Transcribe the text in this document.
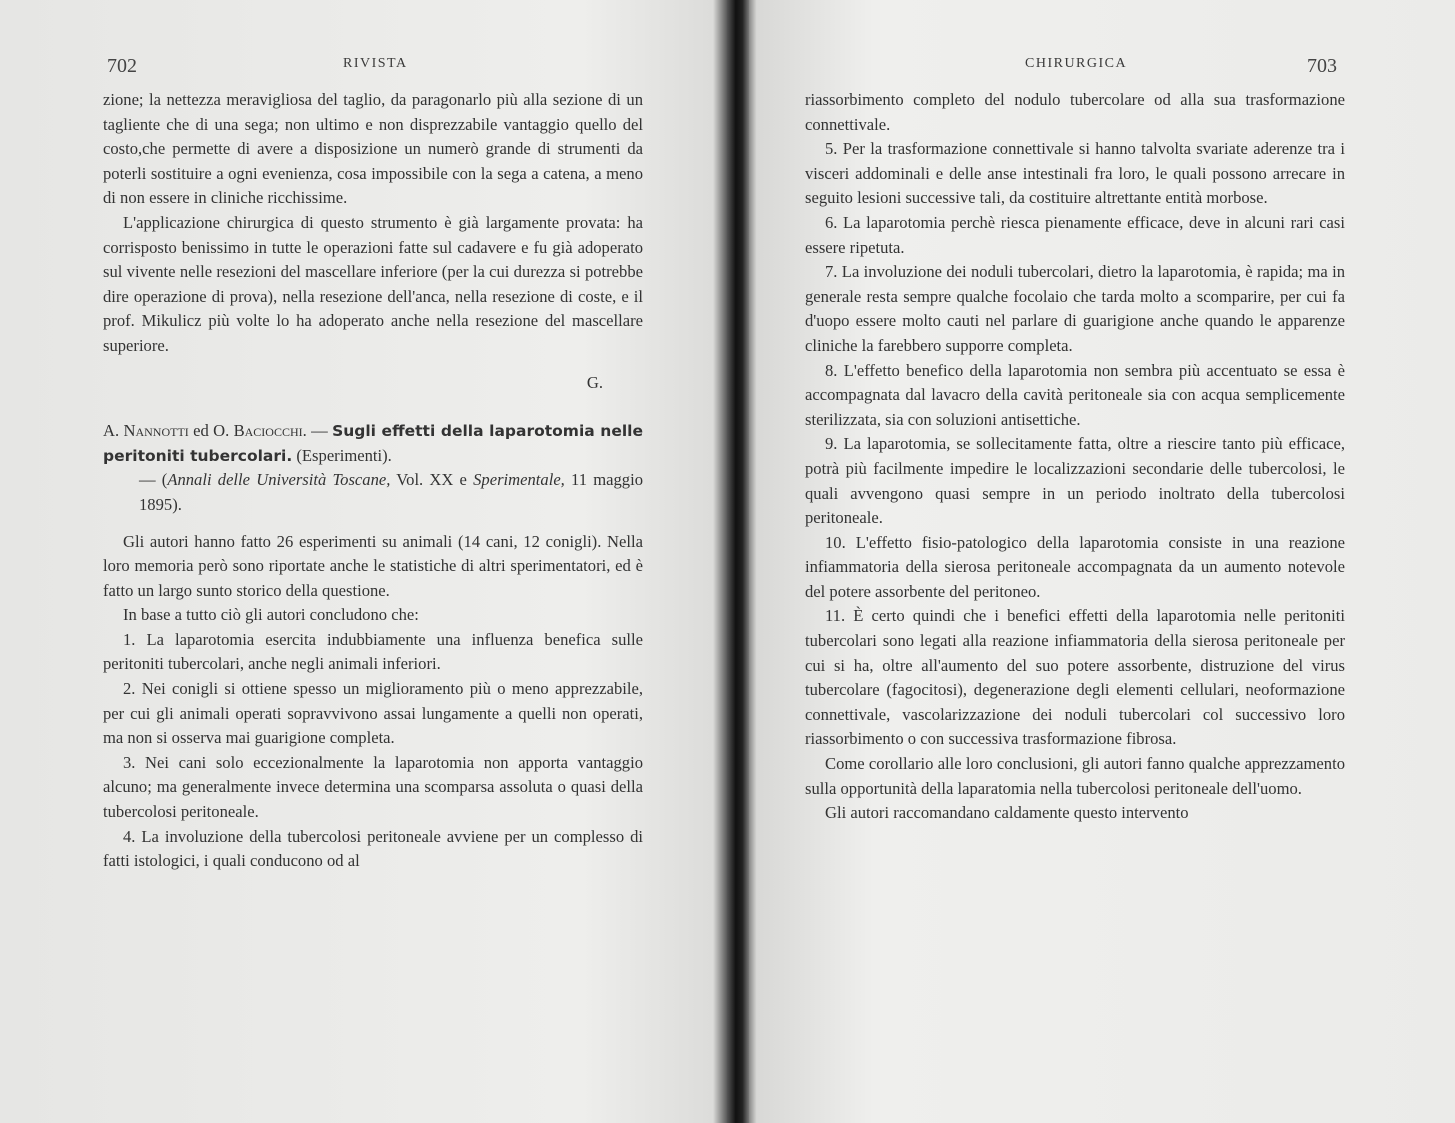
702	RIVISTA

zione; la nettezza meravigliosa del taglio, da paragonarlo più alla sezione di un tagliente che di una sega; non ultimo e non disprezzabile vantaggio quello del costo,che permette di avere a disposizione un numerò grande di strumenti da poterli sostituire a ogni evenienza, cosa impossibile con la sega a catena, a meno di non essere in cliniche ricchissime.

L'applicazione chirurgica di questo strumento è già largamente provata: ha corrisposto benissimo in tutte le operazioni fatte sul cadavere e fu già adoperato sul vivente nelle resezioni del mascellare inferiore (per la cui durezza si potrebbe dire operazione di prova), nella resezione dell'anca, nella resezione di coste, e il prof. Mikulicz più volte lo ha adoperato anche nella resezione del mascellare superiore.

G.

A. Nannotti ed O. Baciocchi. — Sugli effetti della laparotomia nelle peritoniti tubercolari. (Esperimenti).
— (Annali delle Università Toscane, Vol. XX e Sperimentale, 11 maggio 1895).

Gli autori hanno fatto 26 esperimenti su animali (14 cani, 12 conigli). Nella loro memoria però sono riportate anche le statistiche di altri sperimentatori, ed è fatto un largo sunto storico della questione.

In base a tutto ciò gli autori concludono che:

1. La laparotomia esercita indubbiamente una influenza benefica sulle peritoniti tubercolari, anche negli animali inferiori.

2. Nei conigli si ottiene spesso un miglioramento più o meno apprezzabile, per cui gli animali operati sopravvivono assai lungamente a quelli non operati, ma non si osserva mai guarigione completa.

3. Nei cani solo eccezionalmente la laparotomia non apporta vantaggio alcuno; ma generalmente invece determina una scomparsa assoluta o quasi della tubercolosi peritoneale.

4. La involuzione della tubercolosi peritoneale avviene per un complesso di fatti istologici, i quali conducono od al

CHIRURGICA	703

riassorbimento completo del nodulo tubercolare od alla sua trasformazione connettivale.

5. Per la trasformazione connettivale si hanno talvolta svariate aderenze tra i visceri addominali e delle anse intestinali fra loro, le quali possono arrecare in seguito lesioni successive tali, da costituire altrettante entità morbose.

6. La laparotomia perchè riesca pienamente efficace, deve in alcuni rari casi essere ripetuta.

7. La involuzione dei noduli tubercolari, dietro la laparotomia, è rapida; ma in generale resta sempre qualche focolaio che tarda molto a scomparire, per cui fa d'uopo essere molto cauti nel parlare di guarigione anche quando le apparenze cliniche la farebbero supporre completa.

8. L'effetto benefico della laparotomia non sembra più accentuato se essa è accompagnata dal lavacro della cavità peritoneale sia con acqua semplicemente sterilizzata, sia con soluzioni antisettiche.

9. La laparotomia, se sollecitamente fatta, oltre a riescire tanto più efficace, potrà più facilmente impedire le localizzazioni secondarie delle tubercolosi, le quali avvengono quasi sempre in un periodo inoltrato della tubercolosi peritoneale.

10. L'effetto fisio-patologico della laparotomia consiste in una reazione infiammatoria della sierosa peritoneale accompagnata da un aumento notevole del potere assorbente del peritoneo.

11. È certo quindi che i benefici effetti della laparotomia nelle peritoniti tubercolari sono legati alla reazione infiammatoria della sierosa peritoneale per cui si ha, oltre all'aumento del suo potere assorbente, distruzione del virus tubercolare (fagocitosi), degenerazione degli elementi cellulari, neoformazione connettivale, vascolarizzazione dei noduli tubercolari col successivo loro riassorbimento o con successiva trasformazione fibrosa.

Come corollario alle loro conclusioni, gli autori fanno qualche apprezzamento sulla opportunità della laparatomia nella tubercolosi peritoneale dell'uomo.

Gli autori raccomandano caldamente questo intervento
